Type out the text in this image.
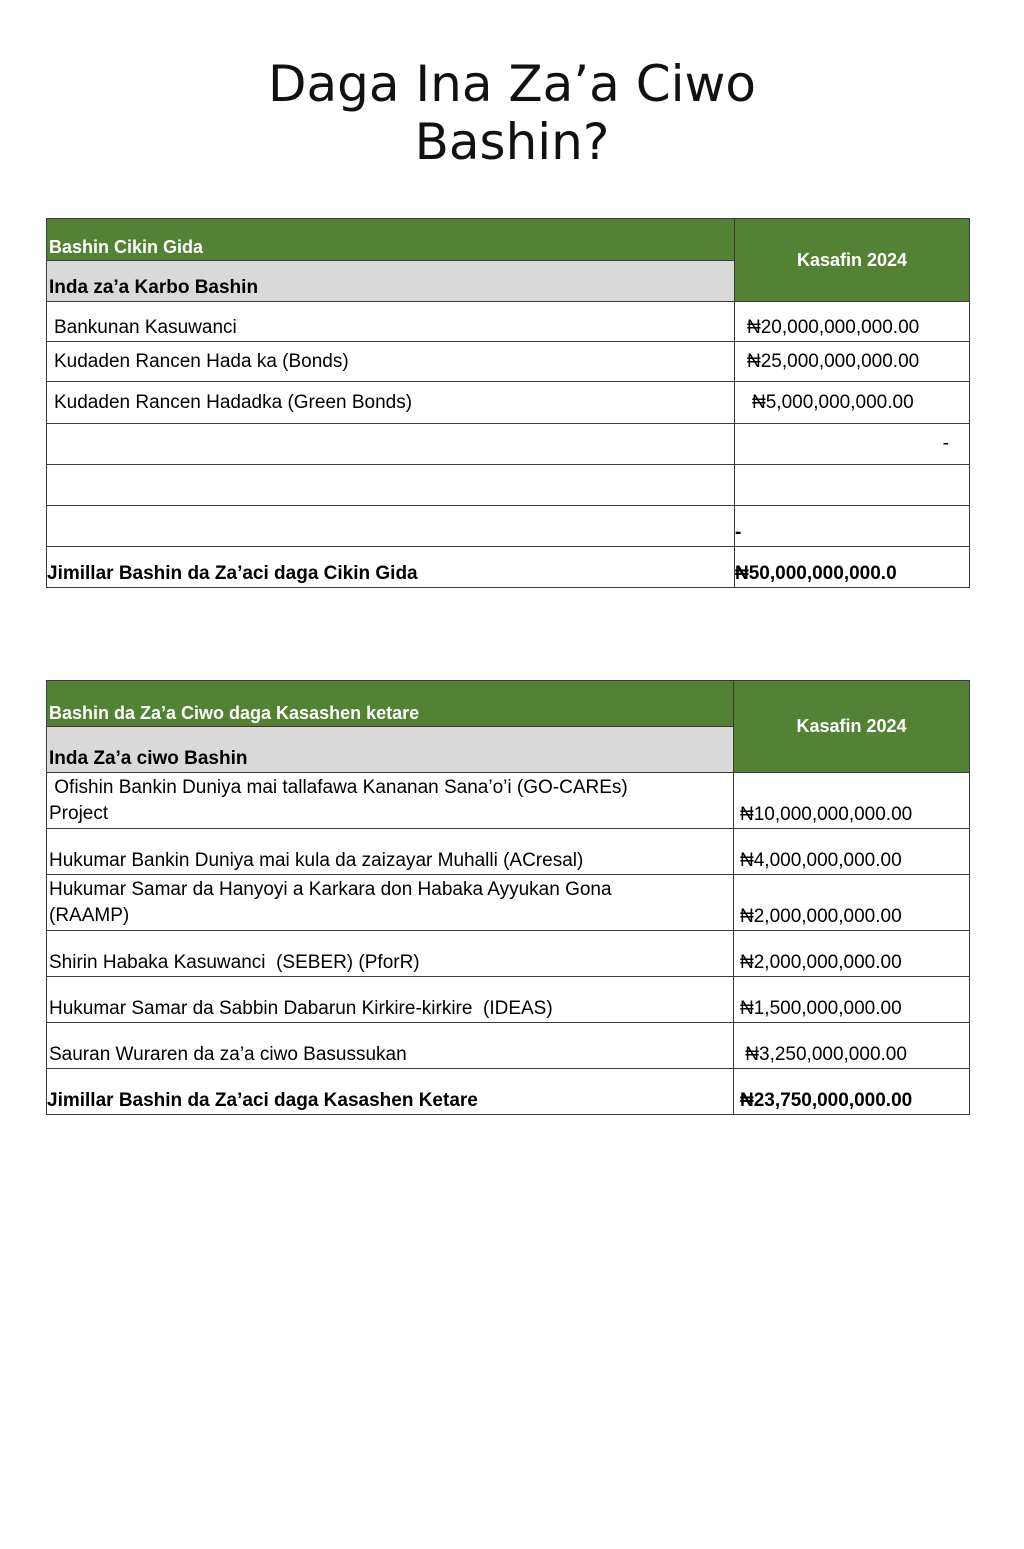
Daga Ina Za’a Ciwo
Bashin?
Bashin Cikin Gida	Kasafin 2024
Inda za’a Karbo Bashin	
Bankunan Kasuwanci	₦20,000,000,000.00
Kudaden Rancen Hada ka (Bonds)	₦25,000,000,000.00
Kudaden Rancen Hadadka (Green Bonds)	₦5,000,000,000.00
	-

	-
Jimillar Bashin da Za’aci daga Cikin Gida	₦50,000,000,000.0
Bashin da Za’a Ciwo daga Kasashen ketare	Kasafin 2024
Inda Za’a ciwo Bashin	

Ofishin Bankin Duniya mai tallafawa Kananan Sana’o’i (GO-CAREs)
Project	₦10,000,000,000.00
Hukumar Bankin Duniya mai kula da zaizayar Muhalli (ACresal)	₦4,000,000,000.00

Hukumar Samar da Hanyoyi a Karkara don Habaka Ayyukan Gona
(RAAMP)	₦2,000,000,000.00
Shirin Habaka Kasuwanci  (SEBER) (PforR)	₦2,000,000,000.00
Hukumar Samar da Sabbin Dabarun Kirkire-kirkire  (IDEAS)	₦1,500,000,000.00
Sauran Wuraren da za’a ciwo Basussukan	₦3,250,000,000.00
Jimillar Bashin da Za’aci daga Kasashen Ketare	₦23,750,000,000.00
